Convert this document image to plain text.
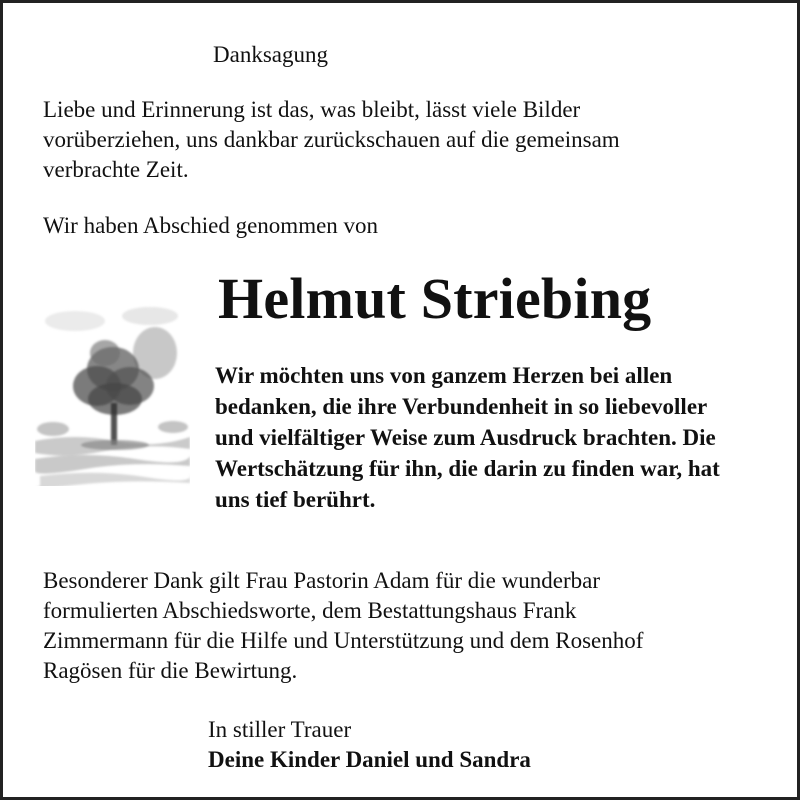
Danksagung
Liebe und Erinnerung ist das, was bleibt, lässt viele Bilder
vorüberziehen, uns dankbar zurückschauen auf die gemeinsam
verbrachte Zeit.
Wir haben Abschied genommen von
Helmut Striebing
Wir möchten uns von ganzem Herzen bei allen
bedanken, die ihre Verbundenheit in so liebevoller
und vielfältiger Weise zum Ausdruck brachten. Die
Wertschätzung für ihn, die darin zu finden war, hat
uns tief berührt.
Besonderer Dank gilt Frau Pastorin Adam für die wunderbar
formulierten Abschiedsworte, dem Bestattungshaus Frank
Zimmermann für die Hilfe und Unterstützung und dem Rosenhof
Ragösen für die Bewirtung.
In stiller Trauer
Deine Kinder Daniel und Sandra
